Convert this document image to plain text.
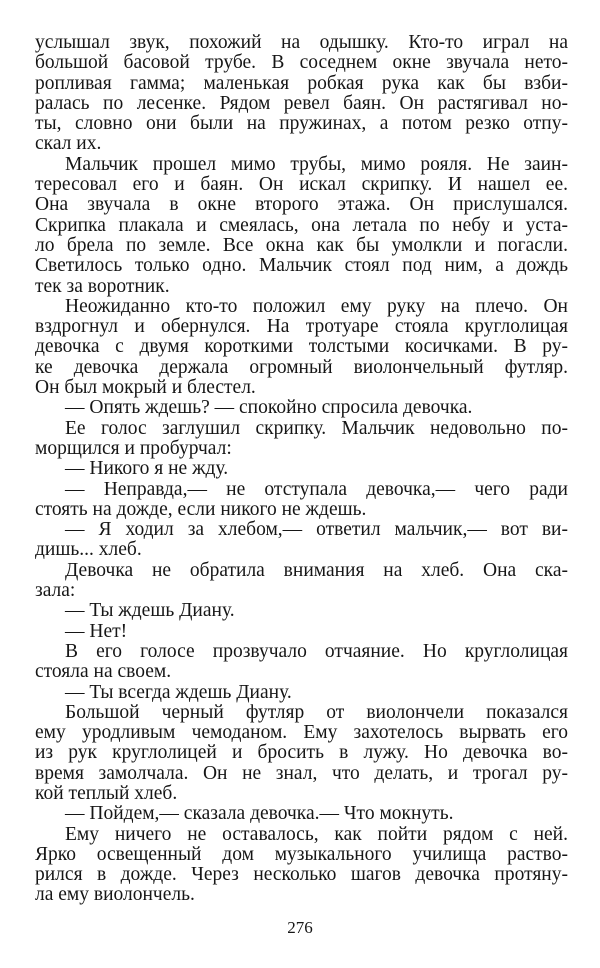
услышал звук, похожий на одышку. Кто-то играл на
большой басовой трубе. В соседнем окне звучала нето-
ропливая гамма; маленькая робкая рука как бы взби-
ралась по лесенке. Рядом ревел баян. Он растягивал но-
ты, словно они были на пружинах, а потом резко отпу-
скал их.
Мальчик прошел мимо трубы, мимо рояля. Не заин-
тересовал его и баян. Он искал скрипку. И нашел ее.
Она звучала в окне второго этажа. Он прислушался.
Скрипка плакала и смеялась, она летала по небу и уста-
ло брела по земле. Все окна как бы умолкли и погасли.
Светилось только одно. Мальчик стоял под ним, а дождь
тек за воротник.
Неожиданно кто-то положил ему руку на плечо. Он
вздрогнул и обернулся. На тротуаре стояла круглолицая
девочка с двумя короткими толстыми косичками. В ру-
ке девочка держала огромный виолончельный футляр.
Он был мокрый и блестел.
— Опять ждешь? — спокойно спросила девочка.
Ее голос заглушил скрипку. Мальчик недовольно по-
морщился и пробурчал:
— Никого я не жду.
— Неправда,— не отступала девочка,— чего ради
стоять на дожде, если никого не ждешь.
— Я ходил за хлебом,— ответил мальчик,— вот ви-
дишь... хлеб.
Девочка не обратила внимания на хлеб. Она ска-
зала:
— Ты ждешь Диану.
— Нет!
В его голосе прозвучало отчаяние. Но круглолицая
стояла на своем.
— Ты всегда ждешь Диану.
Большой черный футляр от виолончели показался
ему уродливым чемоданом. Ему захотелось вырвать его
из рук круглолицей и бросить в лужу. Но девочка во-
время замолчала. Он не знал, что делать, и трогал ру-
кой теплый хлеб.
— Пойдем,— сказала девочка.— Что мокнуть.
Ему ничего не оставалось, как пойти рядом с ней.
Ярко освещенный дом музыкального училища раство-
рился в дожде. Через несколько шагов девочка протяну-
ла ему виолончель.
276
